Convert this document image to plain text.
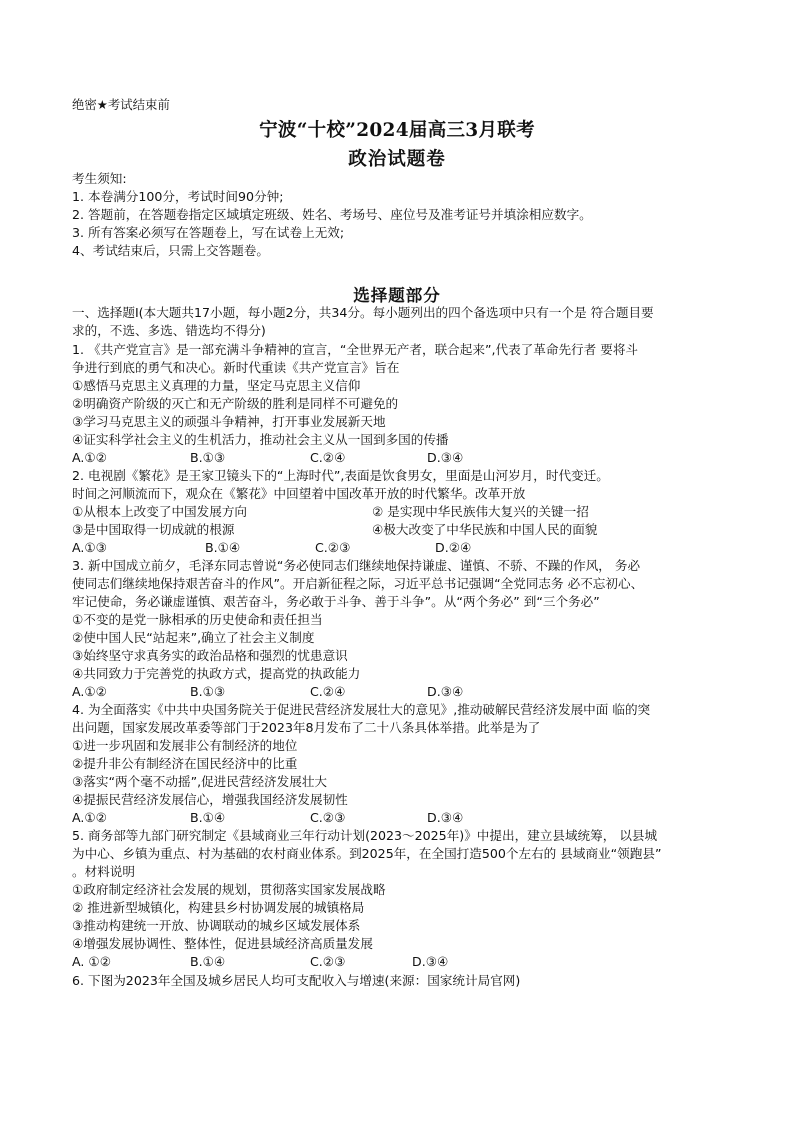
绝密★考试结束前
宁波“十校”2024届高三3月联考
政治试题卷
考生须知:
1. 本卷满分100分，考试时间90分钟;
2. 答题前，在答题卷指定区域填定班级、姓名、考场号、座位号及准考证号并填涂相应数字。
3. 所有答案必须写在答题卷上，写在试卷上无效;
4、考试结束后，只需上交答题卷。
选择题部分
一、选择题Ⅰ(本大题共17小题，每小题2分，共34分。每小题列出的四个备选项中只有一个是 符合题目要
求的，不选、多选、错选均不得分)
1. 《共产党宣言》是一部充满斗争精神的宣言，“全世界无产者，联合起来”,代表了革命先行者 要将斗
争进行到底的勇气和决心。新时代重读《共产党宣言》旨在
①感悟马克思主义真理的力量，坚定马克思主义信仰
②明确资产阶级的灭亡和无产阶级的胜利是同样不可避免的
③学习马克思主义的顽强斗争精神，打开事业发展新天地
④证实科学社会主义的生机活力，推动社会主义从一国到多国的传播
A.①②	B.①③	C.②④	D.③④
2. 电视剧《繁花》是王家卫镜头下的“上海时代”,表面是饮食男女，里面是山河岁月，时代变迁。
时间之河顺流而下，观众在《繁花》中回望着中国改革开放的时代繁华。改革开放
①从根本上改变了中国发展方向	② 是实现中华民族伟大复兴的关键一招
③是中国取得一切成就的根源	④极大改变了中华民族和中国人民的面貌
A.①③	B.①④	C.②③	D.②④
3. 新中国成立前夕，毛泽东同志曾说“务必使同志们继续地保持谦虚、谨慎、不骄、不躁的作风， 务必
使同志们继续地保持艰苦奋斗的作风”。开启新征程之际，习近平总书记强调“全党同志务 必不忘初心、
牢记使命，务必谦虚谨慎、艰苦奋斗，务必敢于斗争、善于斗争”。从“两个务必” 到“三个务必”
①不变的是党一脉相承的历史使命和责任担当
②使中国人民“站起来”,确立了社会主义制度
③始终坚守求真务实的政治品格和强烈的忧患意识
④共同致力于完善党的执政方式，提高党的执政能力
A.①②	B.①③	C.②④	D.③④
4. 为全面落实《中共中央国务院关于促进民营经济发展壮大的意见》,推动破解民营经济发展中面 临的突
出问题，国家发展改革委等部门于2023年8月发布了二十八条具体举措。此举是为了
①进一步巩固和发展非公有制经济的地位
②提升非公有制经济在国民经济中的比重
③落实“两个毫不动摇”,促进民营经济发展壮大
④提振民营经济发展信心，增强我国经济发展韧性
A.①②	B.①④	C.②③	D.③④
5. 商务部等九部门研究制定《县域商业三年行动计划(2023～2025年)》中提出，建立县域统筹， 以县城
为中心、乡镇为重点、村为基础的农村商业体系。到2025年，在全国打造500个左右的 县域商业“领跑县”
。材料说明
①政府制定经济社会发展的规划，贯彻落实国家发展战略
② 推进新型城镇化，构建县乡村协调发展的城镇格局
③推动构建统一开放、协调联动的城乡区域发展体系
④增强发展协调性、整体性，促进县域经济高质量发展
A. ①②	B.①④	C.②③	D.③④
6. 下图为2023年全国及城乡居民人均可支配收入与增速(来源：国家统计局官网)
